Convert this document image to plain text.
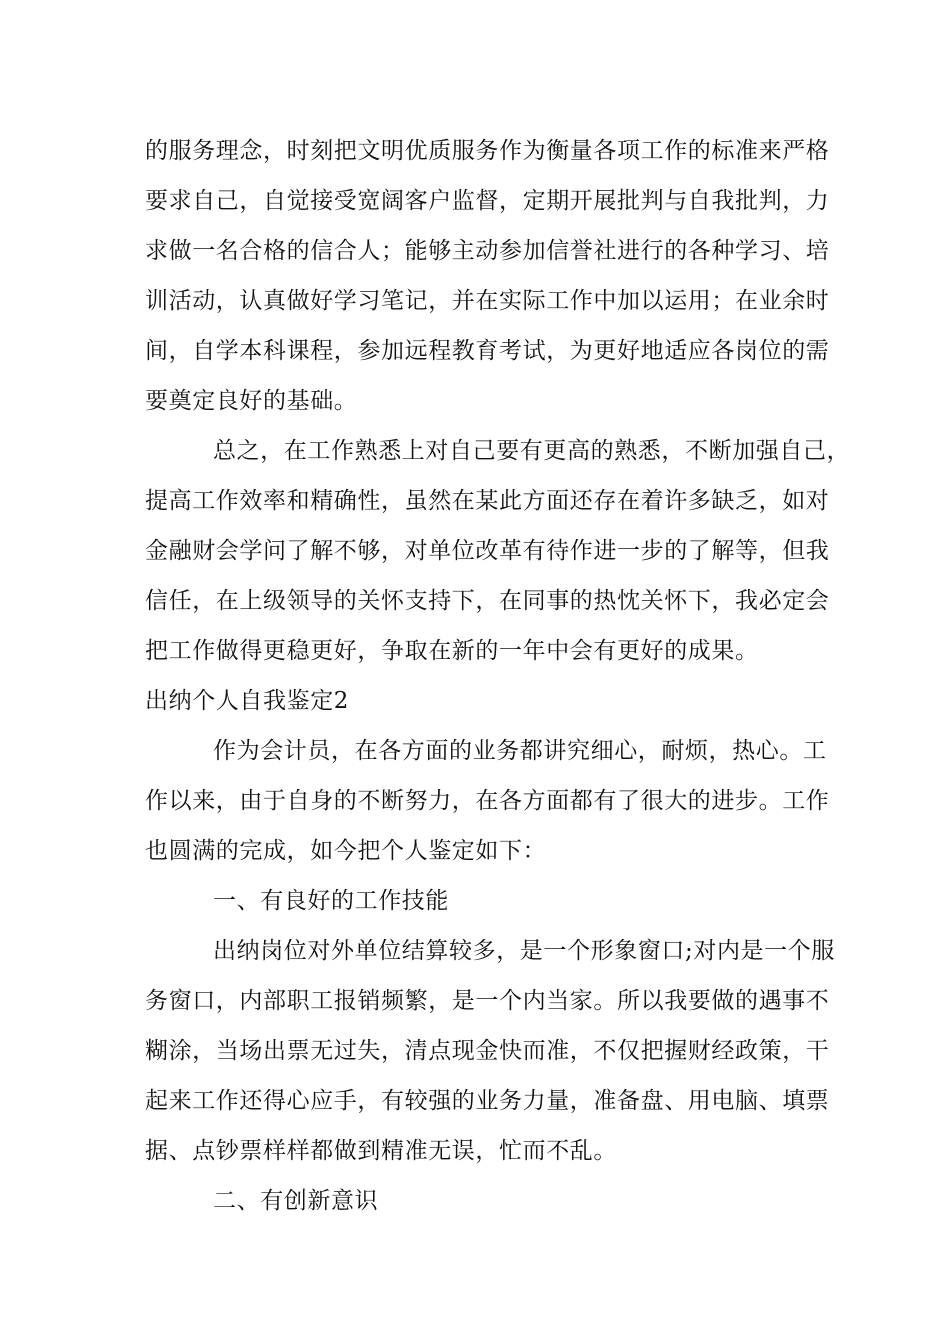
的服务理念，时刻把文明优质服务作为衡量各项工作的标准来严格
要求自己，自觉接受宽阔客户监督，定期开展批判与自我批判，力
求做一名合格的信合人；能够主动参加信誉社进行的各种学习、培
训活动，认真做好学习笔记，并在实际工作中加以运用；在业余时
间，自学本科课程，参加远程教育考试，为更好地适应各岗位的需
要奠定良好的基础。
总之，在工作熟悉上对自己要有更高的熟悉，不断加强自己，
提高工作效率和精确性，虽然在某此方面还存在着许多缺乏，如对
金融财会学问了解不够，对单位改革有待作进一步的了解等，但我
信任，在上级领导的关怀支持下，在同事的热忱关怀下，我必定会
把工作做得更稳更好，争取在新的一年中会有更好的成果。
出纳个人自我鉴定2
作为会计员，在各方面的业务都讲究细心，耐烦，热心。工
作以来，由于自身的不断努力，在各方面都有了很大的进步。工作
也圆满的完成，如今把个人鉴定如下：
一、有良好的工作技能
出纳岗位对外单位结算较多，是一个形象窗口;对内是一个服
务窗口，内部职工报销频繁，是一个内当家。所以我要做的遇事不
糊涂，当场出票无过失，清点现金快而准，不仅把握财经政策，干
起来工作还得心应手，有较强的业务力量，准备盘、用电脑、填票
据、点钞票样样都做到精准无误，忙而不乱。
二、有创新意识
